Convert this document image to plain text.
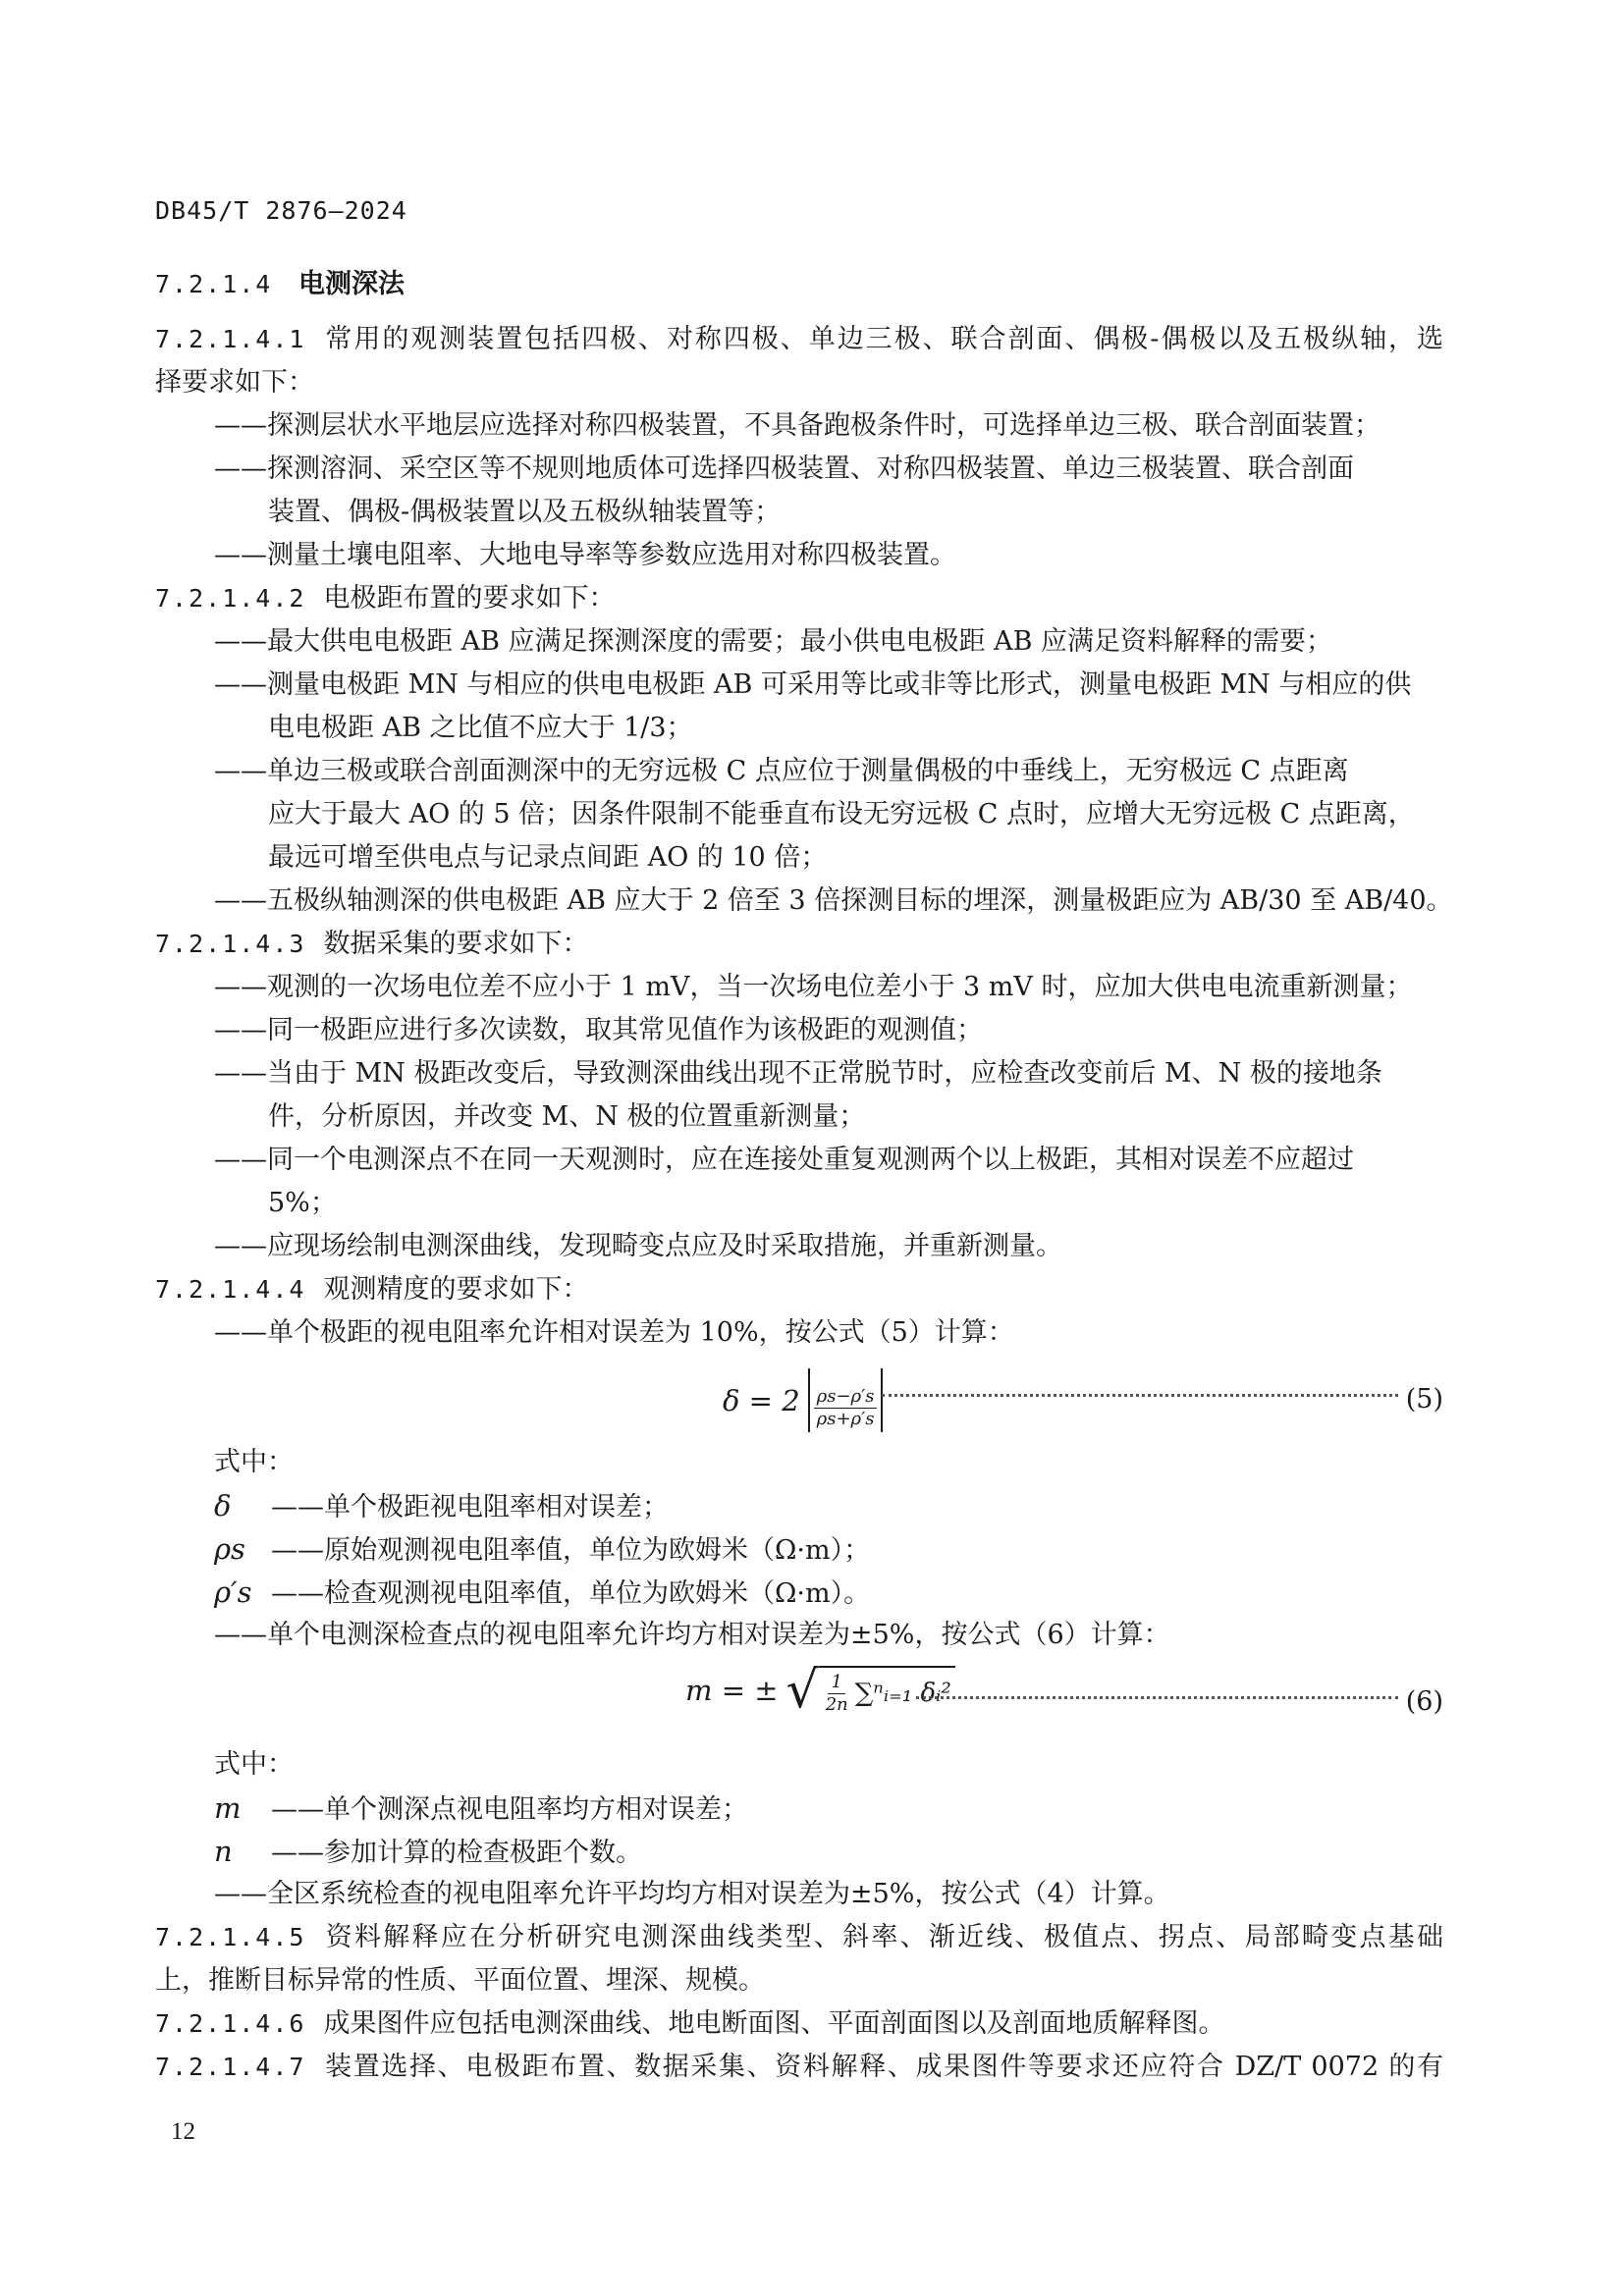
DB45/T 2876—2024
7.2.1.4 电测深法
7.2.1.4.1 常用的观测装置包括四极、对称四极、单边三极、联合剖面、偶极-偶极以及五极纵轴，选
择要求如下：
——探测层状水平地层应选择对称四极装置，不具备跑极条件时，可选择单边三极、联合剖面装置；
——探测溶洞、采空区等不规则地质体可选择四极装置、对称四极装置、单边三极装置、联合剖面
装置、偶极-偶极装置以及五极纵轴装置等；
——测量土壤电阻率、大地电导率等参数应选用对称四极装置。
7.2.1.4.2 电极距布置的要求如下：
——最大供电电极距 AB 应满足探测深度的需要；最小供电电极距 AB 应满足资料解释的需要；
——测量电极距 MN 与相应的供电电极距 AB 可采用等比或非等比形式，测量电极距 MN 与相应的供
电电极距 AB 之比值不应大于 1/3；
——单边三极或联合剖面测深中的无穷远极 C 点应位于测量偶极的中垂线上，无穷极远 C 点距离
应大于最大 AO 的 5 倍；因条件限制不能垂直布设无穷远极 C 点时，应增大无穷远极 C 点距离，
最远可增至供电点与记录点间距 AO 的 10 倍；
——五极纵轴测深的供电极距 AB 应大于 2 倍至 3 倍探测目标的埋深，测量极距应为 AB/30 至 AB/40。
7.2.1.4.3 数据采集的要求如下：
——观测的一次场电位差不应小于 1 mV，当一次场电位差小于 3 mV 时，应加大供电电流重新测量；
——同一极距应进行多次读数，取其常见值作为该极距的观测值；
——当由于 MN 极距改变后，导致测深曲线出现不正常脱节时，应检查改变前后 M、N 极的接地条
件，分析原因，并改变 M、N 极的位置重新测量；
——同一个电测深点不在同一天观测时，应在连接处重复观测两个以上极距，其相对误差不应超过
5%；
——应现场绘制电测深曲线，发现畸变点应及时采取措施，并重新测量。
7.2.1.4.4 观测精度的要求如下：
——单个极距的视电阻率允许相对误差为 10%，按公式（5）计算：
$\delta = 2 \frac{\rho s-\rho's}{\rho s+\rho's}$	(5)
式中：
δ ——单个极距视电阻率相对误差；
ρs ——原始观测视电阻率值，单位为欧姆米（Ω·m）；
ρ′s ——检查观测视电阻率值，单位为欧姆米（Ω·m）。
——单个电测深检查点的视电阻率允许均方相对误差为±5%，按公式（6）计算：
m = ± √ $\frac{1}{2n}$ ∑ⁿᵢ₌₁ δᵢ²	(6)
式中：
m ——单个测深点视电阻率均方相对误差；
n ——参加计算的检查极距个数。
——全区系统检查的视电阻率允许平均均方相对误差为±5%，按公式（4）计算。
7.2.1.4.5 资料解释应在分析研究电测深曲线类型、斜率、渐近线、极值点、拐点、局部畸变点基础
上，推断目标异常的性质、平面位置、埋深、规模。
7.2.1.4.6 成果图件应包括电测深曲线、地电断面图、平面剖面图以及剖面地质解释图。
7.2.1.4.7 装置选择、电极距布置、数据采集、资料解释、成果图件等要求还应符合 DZ/T 0072 的有
12
